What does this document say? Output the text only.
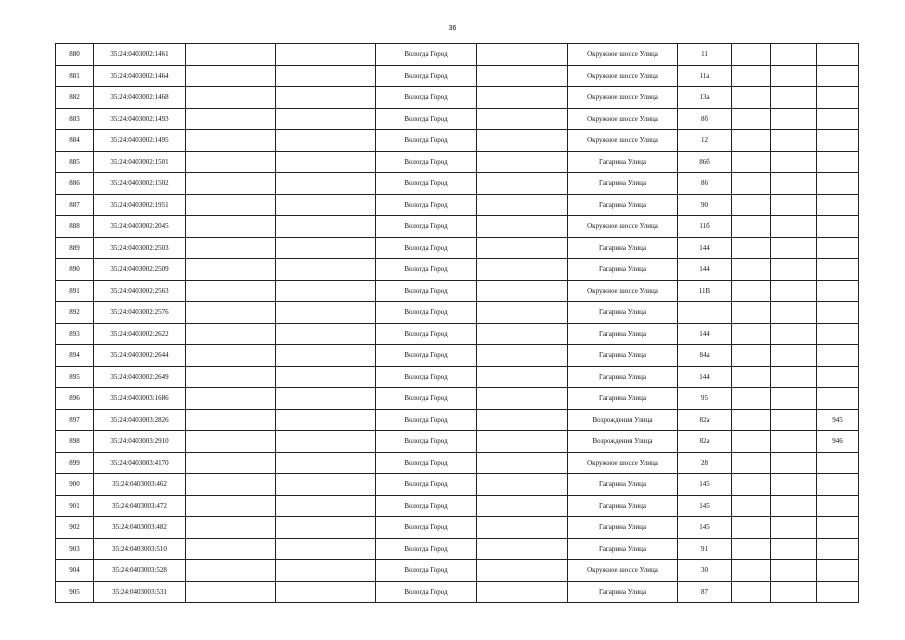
36
880	35:24:0403002:1461			Вологда Город		Окружное шоссе Улица	11			
881	35:24:0403002:1464			Вологда Город		Окружное шоссе Улица	11а			
882	35:24:0403002:1468			Вологда Город		Окружное шоссе Улица	13а			
883	35:24:0403002:1493			Вологда Город		Окружное шоссе Улица	8б			
884	35:24:0403002:1495			Вологда Город		Окружное шоссе Улица	12			
885	35:24:0403002:1501			Вологда Город		Гагарина Улица	86б			
886	35:24:0403002:1502			Вологда Город		Гагарина Улица	86			
887	35:24:0403002:1951			Вологда Город		Гагарина Улица	90			
888	35:24:0403002:2045			Вологда Город		Окружное шоссе Улица	11б			
889	35:24:0403002:2503			Вологда Город		Гагарина Улица	144			
890	35:24:0403002:2509			Вологда Город		Гагарина Улица	144			
891	35:24:0403002:2563			Вологда Город		Окружное шоссе Улица	11В			
892	35:24:0403002:2576			Вологда Город		Гагарина Улица				
893	35:24:0403002:2622			Вологда Город		Гагарина Улица	144			
894	35:24:0403002:2644			Вологда Город		Гагарина Улица	84а			
895	35:24:0403002:2649			Вологда Город		Гагарина Улица	144			
896	35:24:0403003:1686			Вологда Город		Гагарина Улица	95			
897	35:24:0403003:2826			Вологда Город		Возрождения Улица	82а			945
898	35:24:0403003:2910			Вологда Город		Возрождения Улица	82а			946
899	35:24:0403003:4170			Вологда Город		Окружное шоссе Улица	28			
900	35:24:0403003:462			Вологда Город		Гагарина Улица	145			
901	35:24:0403003:472			Вологда Город		Гагарина Улица	145			
902	35:24:0403003:482			Вологда Город		Гагарина Улица	145			
903	35:24:0403003:510			Вологда Город		Гагарина Улица	91			
904	35:24:0403003:528			Вологда Город		Окружное шоссе Улица	30			
905	35:24:0403003:531			Вологда Город		Гагарина Улица	87			
